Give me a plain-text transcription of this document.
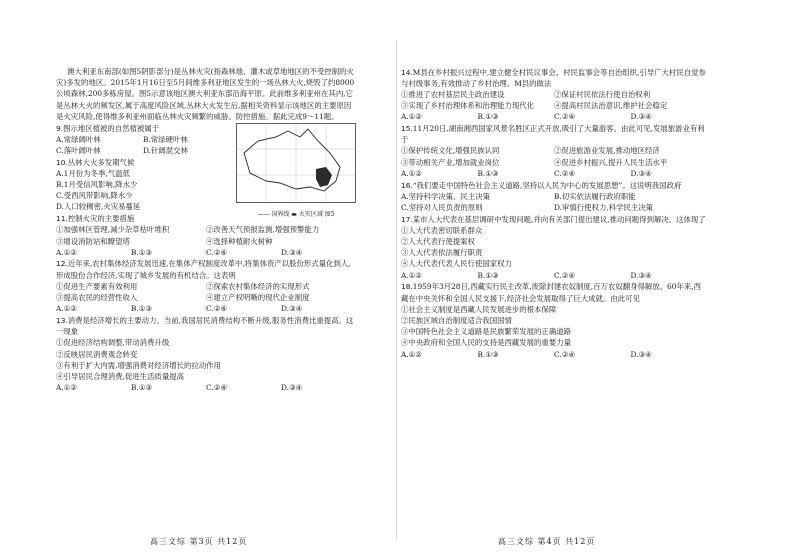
澳大利亚东南部(如图5阴影部分)是丛林火灾(指森林地、灌木或草地地区的不受控制的火灾)多发的地区。2015年1月16日至5月间维多利亚地区发生的一场丛林大火,烧毁了约8000公顷森林,200多栋房屋。图5示意该地区澳大利亚东部沿海平原。此前维多利亚州在其内,它是丛林大火的频发区,属于高度风险区域,丛林大火发生后,据相关资料显示该地区的主要原因是火灾风险,使得维多利亚州面临丛林火灾频繁的威胁。防控措施。据此完成9～11题。
—— 国界线 ▬ 火灾区域 图5
9.图示地区植被的自然植被属于
A.常绿阔叶林	B.常绿硬叶林
C.落叶阔叶林	D.针阔混交林
10.丛林大火多发期气候
A.1月份为冬季,气温低
B.1月受信风影响,降水少
C.受西风带影响,降水少
D.人口较稠密,火灾易蔓延
11.控制火灾的主要措施
①加强林区管理,减少杂草枯叶堆积	②改善天气预报监测,增强预警能力
③增设消防站和瞭望塔	④选择种植耐火树种
A.①②	B.①③	C.②④	D.③④
12.近年来,农村集体经济发展迅速,在集体产权制度改革中,将集体资产以股份形式量化到人,形成股份合作经济,实现了城乡发展的有机结合。这表明
①促进生产要素有效利用	②探索农村集体经济的实现形式
③提高农民的经营性收入	④建立产权明晰的现代企业制度
A.①②	B.①③	C.②④	D.③④
13.消费是经济增长的主要动力。当前,我国居民消费结构不断升级,服务性消费比重提高。这一现象
①促进经济结构调整,带动消费升级
②反映居民消费观念转变
③有利于扩大内需,增强消费对经济增长的拉动作用
④引导居民合理消费,促进生活质量提高
A.①②	B.①③	C.②④	D.③④
高三文综 第3页 共12页
14.M县在乡村振兴过程中,建立健全村民议事会、村民监事会等自治组织,引导广大村民自觉参与村级事务,有效推动了乡村治理。M县的做法
①推进了农村基层民主政治建设	②保证村民依法行使自治权利
③实现了乡村治理体系和治理能力现代化	④提高村民法治意识,维护社会稳定
A.①②	B.①③	C.②④	D.③④
15.11月20日,湖南湘西国家风景名胜区正式开放,吸引了大量游客。由此可见,发展旅游业有利于
①保护传统文化,增强民族认同	②促进旅游业发展,推动地区经济
③带动相关产业,增加就业岗位	④促进乡村振兴,提升人民生活水平
A.①②	B.①③	C.②④	D.③④
16.“我们要走中国特色社会主义道路,坚持以人民为中心的发展思想”。这说明我国政府
A.坚持科学决策、民主决策	B.切实依法履行政府职能
C.坚持对人民负责的原则	D.审慎行使权力,科学民主决策
17.某市人大代表在基层调研中发现问题,并向有关部门提出建议,推动问题得到解决。这体现了
①人大代表密切联系群众
②人大代表行使提案权
③人大代表依法履行职责
④人大代表代表人民行使国家权力
A.①②	B.①③	C.②④	D.③④
18.1959年3月28日,西藏实行民主改革,废除封建农奴制度,百万农奴翻身得解放。60年来,西藏在中央关怀和全国人民支援下,经济社会发展取得了巨大成就。由此可见
①社会主义制度是西藏人民发展进步的根本保障
②民族区域自治制度适合我国国情
③中国特色社会主义道路是民族繁荣发展的正确道路
④中央政府和全国人民的支持是西藏发展的重要力量
A.①②	B.①③	C.②④	D.③④
高三文综 第4页 共12页
